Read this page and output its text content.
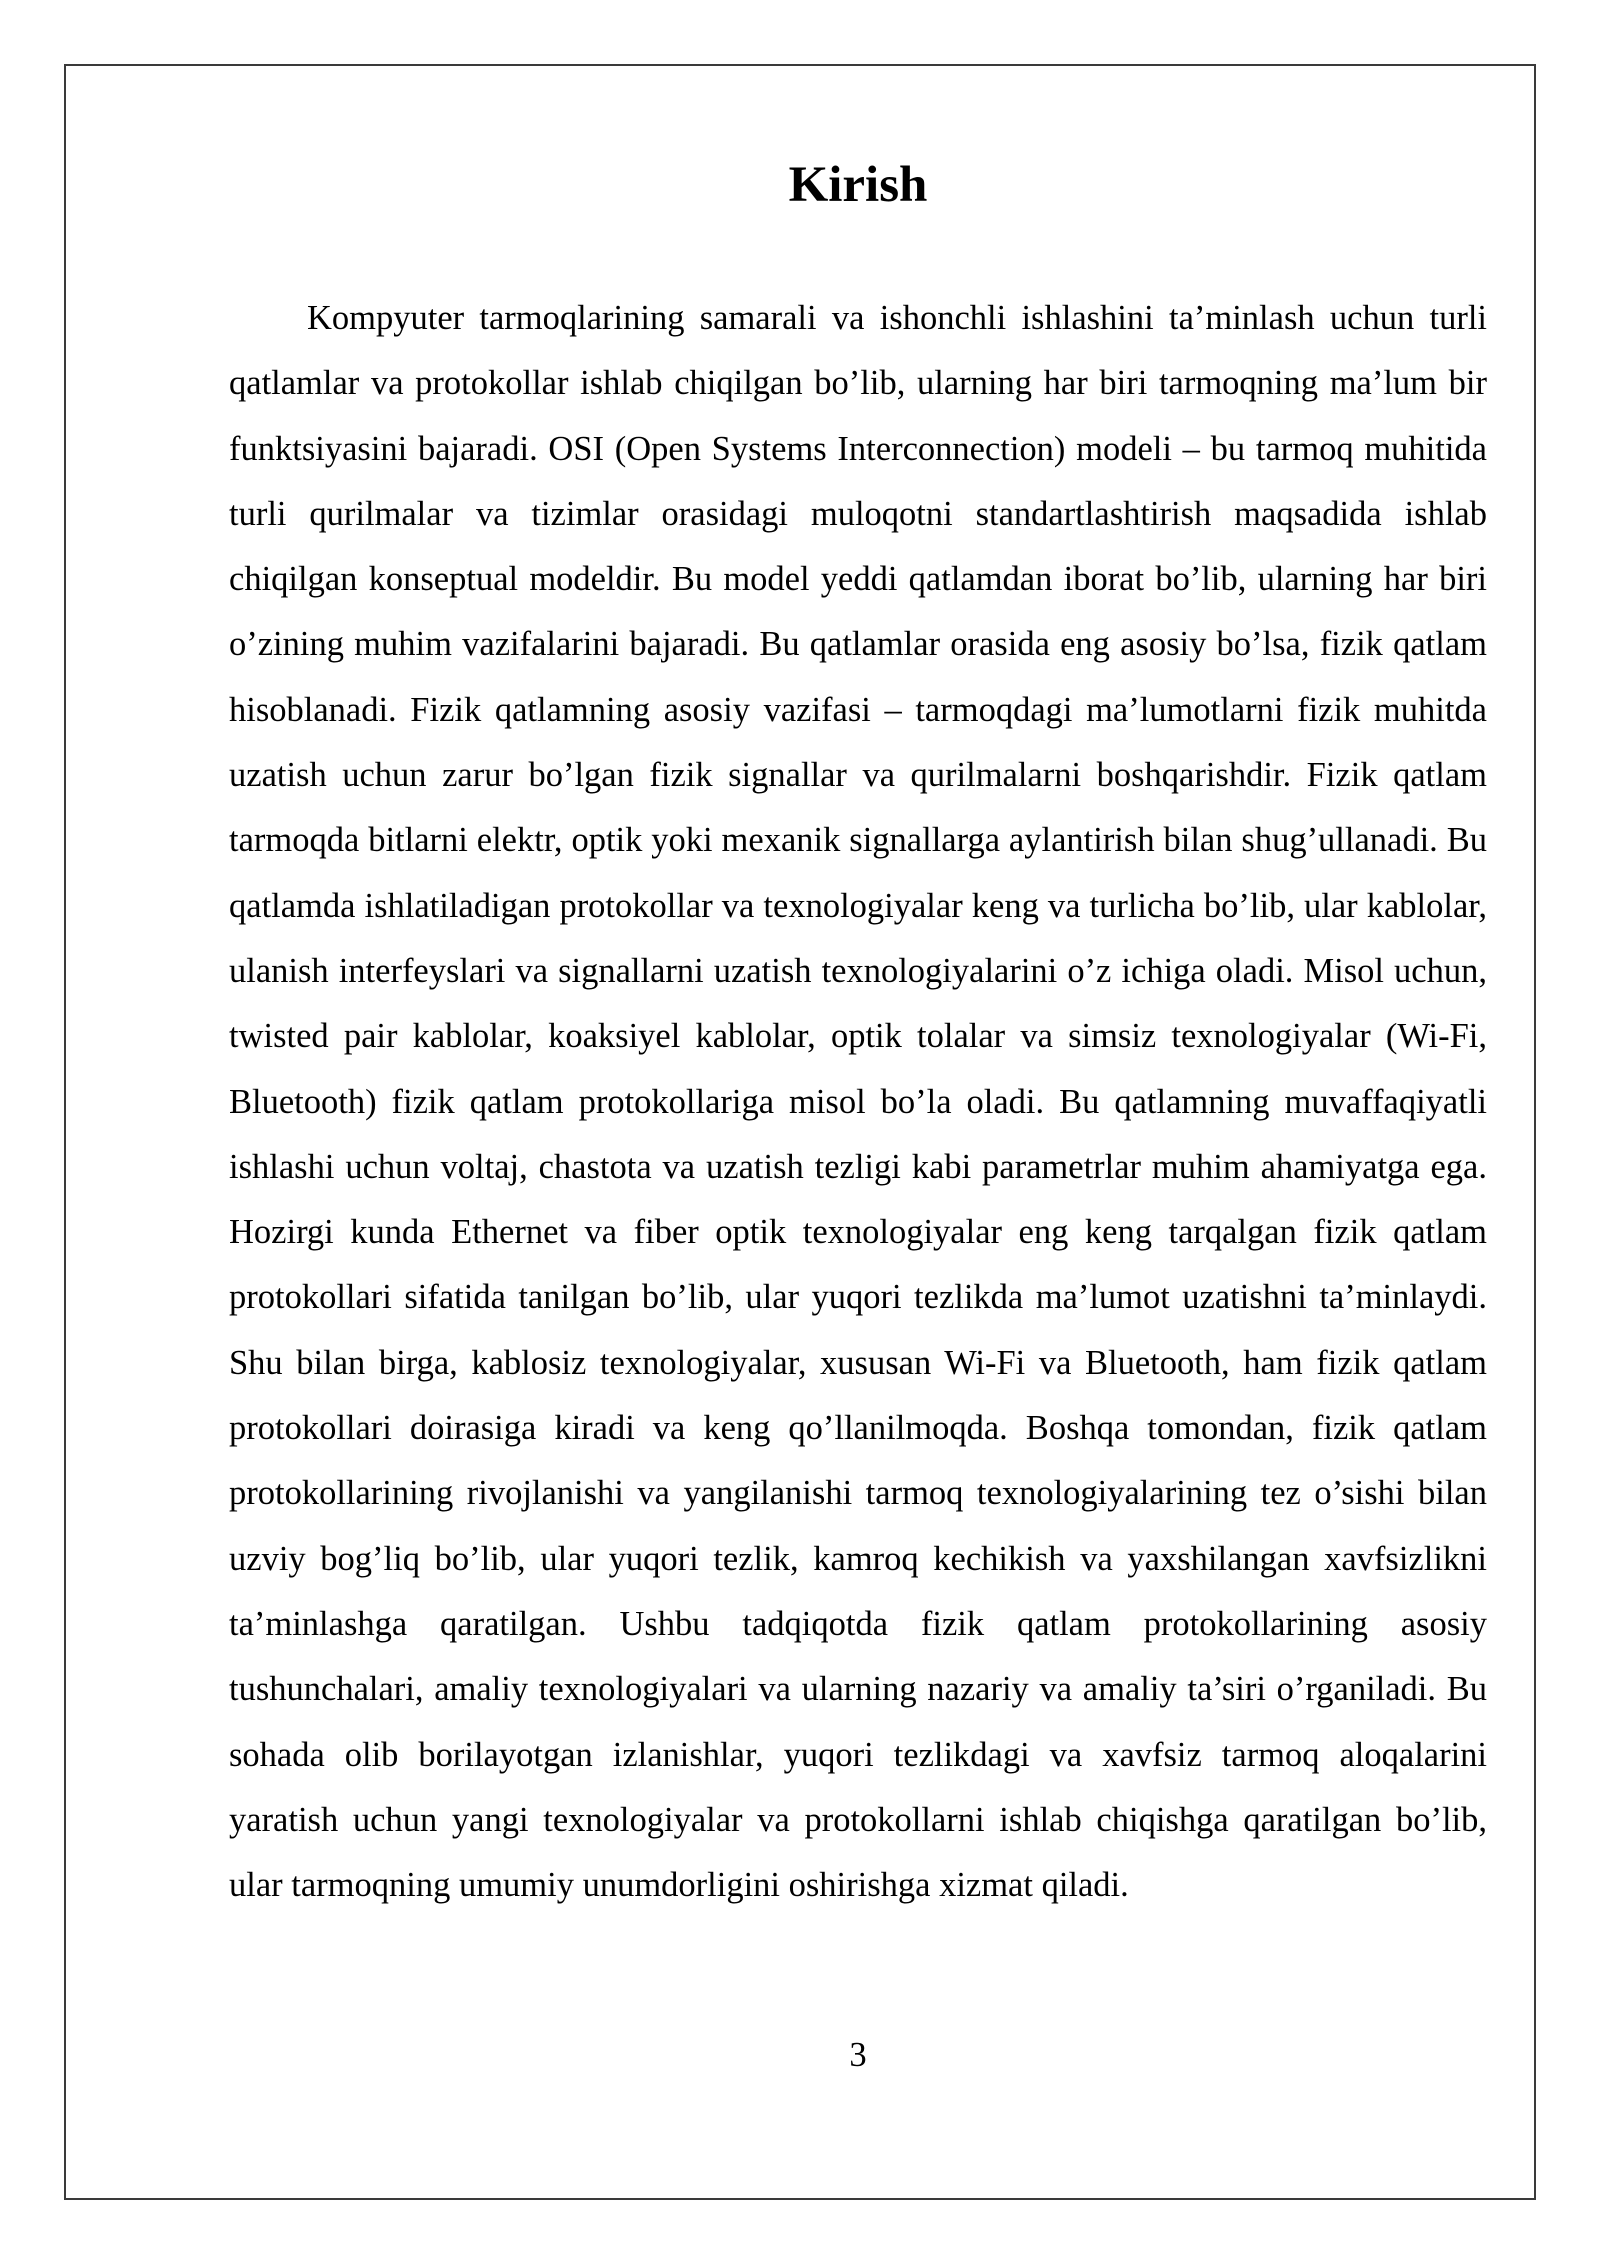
Kirish

Kompyuter tarmoqlarining samarali va ishonchli ishlashini ta’minlash uchun turli qatlamlar va protokollar ishlab chiqilgan bo’lib, ularning har biri tarmoqning ma’lum bir funktsiyasini bajaradi. OSI (Open Systems Interconnection) modeli – bu tarmoq muhitida turli qurilmalar va tizimlar orasidagi muloqotni standartlashtirish maqsadida ishlab chiqilgan konseptual modeldir. Bu model yeddi qatlamdan iborat bo’lib, ularning har biri o’zining muhim vazifalarini bajaradi. Bu qatlamlar orasida eng asosiy bo’lsa, fizik qatlam hisoblanadi. Fizik qatlamning asosiy vazifasi – tarmoqdagi ma’lumotlarni fizik muhitda uzatish uchun zarur bo’lgan fizik signallar va qurilmalarni boshqarishdir. Fizik qatlam tarmoqda bitlarni elektr, optik yoki mexanik signallarga aylantirish bilan shug’ullanadi. Bu qatlamda ishlatiladigan protokollar va texnologiyalar keng va turlicha bo’lib, ular kablolar, ulanish interfeyslari va signallarni uzatish texnologiyalarini o’z ichiga oladi. Misol uchun, twisted pair kablolar, koaksiyel kablolar, optik tolalar va simsiz texnologiyalar (Wi-Fi, Bluetooth) fizik qatlam protokollariga misol bo’la oladi. Bu qatlamning muvaffaqiyatli ishlashi uchun voltaj, chastota va uzatish tezligi kabi parametrlar muhim ahamiyatga ega. Hozirgi kunda Ethernet va fiber optik texnologiyalar eng keng tarqalgan fizik qatlam protokollari sifatida tanilgan bo’lib, ular yuqori tezlikda ma’lumot uzatishni ta’minlaydi. Shu bilan birga, kablosiz texnologiyalar, xususan Wi-Fi va Bluetooth, ham fizik qatlam protokollari doirasiga kiradi va keng qo’llanilmoqda. Boshqa tomondan, fizik qatlam protokollarining rivojlanishi va yangilanishi tarmoq texnologiyalarining tez o’sishi bilan uzviy bog’liq bo’lib, ular yuqori tezlik, kamroq kechikish va yaxshilangan xavfsizlikni ta’minlashga qaratilgan. Ushbu tadqiqotda fizik qatlam protokollarining asosiy tushunchalari, amaliy texnologiyalari va ularning nazariy va amaliy ta’siri o’rganiladi. Bu sohada olib borilayotgan izlanishlar, yuqori tezlikdagi va xavfsiz tarmoq aloqalarini yaratish uchun yangi texnologiyalar va protokollarni ishlab chiqishga qaratilgan bo’lib, ular tarmoqning umumiy unumdorligini oshirishga xizmat qiladi.

3
